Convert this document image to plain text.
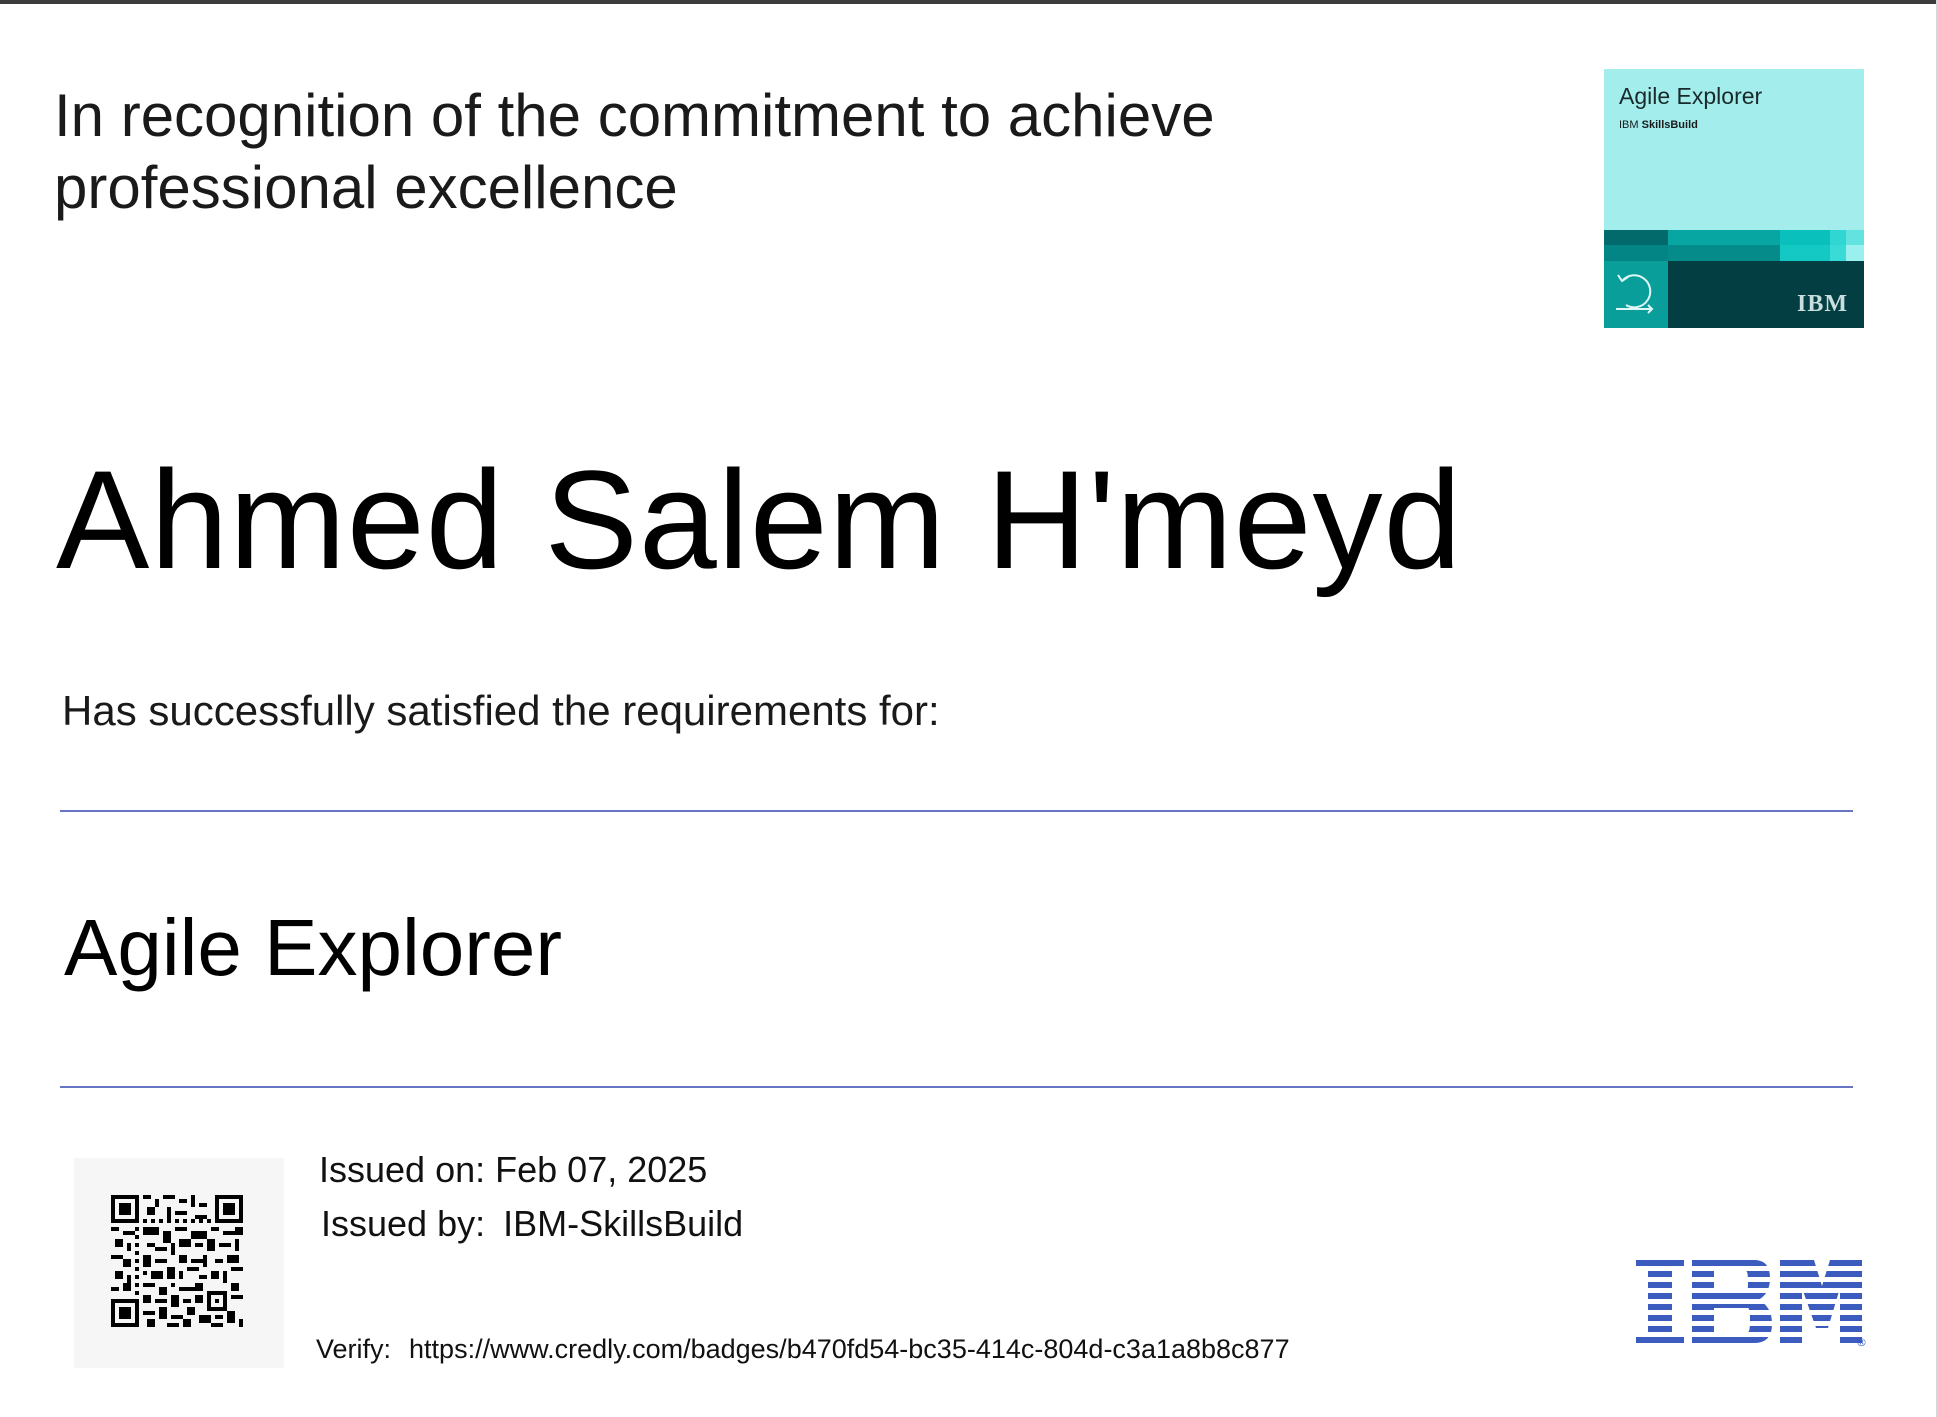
In recognition of the commitment to achieve
professional excellence
Agile Explorer
IBM SkillsBuild
IBM
Ahmed Salem H'meyd
Has successfully satisfied the requirements for:
Agile Explorer
Issued on: Feb 07, 2025
Issued by: IBM-SkillsBuild
Verify: https://www.credly.com/badges/b470fd54-bc35-414c-804d-c3a1a8b8c877	®
